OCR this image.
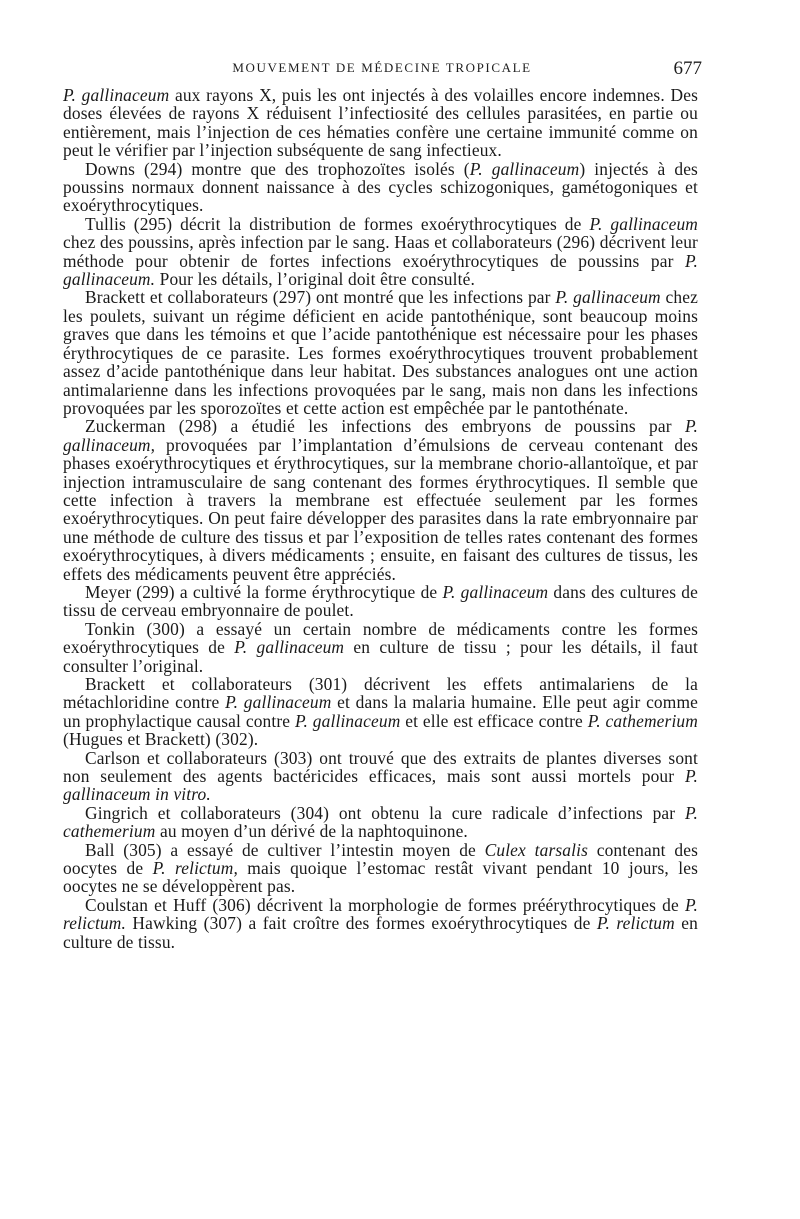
MOUVEMENT DE MÉDECINE TROPICALE	677

P. gallinaceum aux rayons X, puis les ont injectés à des volailles encore indemnes. Des doses élevées de rayons X réduisent l’infectiosité des cellules parasitées, en partie ou entièrement, mais l’injection de ces hématies confère une certaine immunité comme on peut le vérifier par l’injection subséquente de sang infectieux.

Downs (294) montre que des trophozoïtes isolés (P. gallinaceum) injectés à des poussins normaux donnent naissance à des cycles schizogoniques, gamétogoniques et exoérythrocytiques.

Tullis (295) décrit la distribution de formes exoérythrocytiques de P. gallinaceum chez des poussins, après infection par le sang. Haas et collaborateurs (296) décrivent leur méthode pour obtenir de fortes infections exoérythrocytiques de poussins par P. gallinaceum. Pour les détails, l’original doit être consulté.

Brackett et collaborateurs (297) ont montré que les infections par P. gallinaceum chez les poulets, suivant un régime déficient en acide pantothénique, sont beaucoup moins graves que dans les témoins et que l’acide pantothénique est nécessaire pour les phases érythrocytiques de ce parasite. Les formes exoérythrocytiques trouvent probablement assez d’acide pantothénique dans leur habitat. Des substances analogues ont une action antimalarienne dans les infections provoquées par le sang, mais non dans les infections provoquées par les sporozoïtes et cette action est empêchée par le pantothénate.

Zuckerman (298) a étudié les infections des embryons de poussins par P. gallinaceum, provoquées par l’implantation d’émulsions de cerveau contenant des phases exoérythrocytiques et érythrocytiques, sur la membrane chorio-allantoïque, et par injection intramusculaire de sang contenant des formes érythrocytiques. Il semble que cette infection à travers la membrane est effectuée seulement par les formes exoérythrocytiques. On peut faire développer des parasites dans la rate embryonnaire par une méthode de culture des tissus et par l’exposition de telles rates contenant des formes exoérythrocytiques, à divers médicaments ; ensuite, en faisant des cultures de tissus, les effets des médicaments peuvent être appréciés.

Meyer (299) a cultivé la forme érythrocytique de P. gallinaceum dans des cultures de tissu de cerveau embryonnaire de poulet.

Tonkin (300) a essayé un certain nombre de médicaments contre les formes exoérythrocytiques de P. gallinaceum en culture de tissu ; pour les détails, il faut consulter l’original.

Brackett et collaborateurs (301) décrivent les effets antimalariens de la métachloridine contre P. gallinaceum et dans la malaria humaine. Elle peut agir comme un prophylactique causal contre P. gallinaceum et elle est efficace contre P. cathemerium (Hugues et Brackett) (302).

Carlson et collaborateurs (303) ont trouvé que des extraits de plantes diverses sont non seulement des agents bactéricides efficaces, mais sont aussi mortels pour P. gallinaceum in vitro.

Gingrich et collaborateurs (304) ont obtenu la cure radicale d’infections par P. cathemerium au moyen d’un dérivé de la naphtoquinone.

Ball (305) a essayé de cultiver l’intestin moyen de Culex tarsalis contenant des oocytes de P. relictum, mais quoique l’estomac restât vivant pendant 10 jours, les oocytes ne se développèrent pas.

Coulstan et Huff (306) décrivent la morphologie de formes préérythrocytiques de P. relictum. Hawking (307) a fait croître des formes exoérythrocytiques de P. relictum en culture de tissu.
